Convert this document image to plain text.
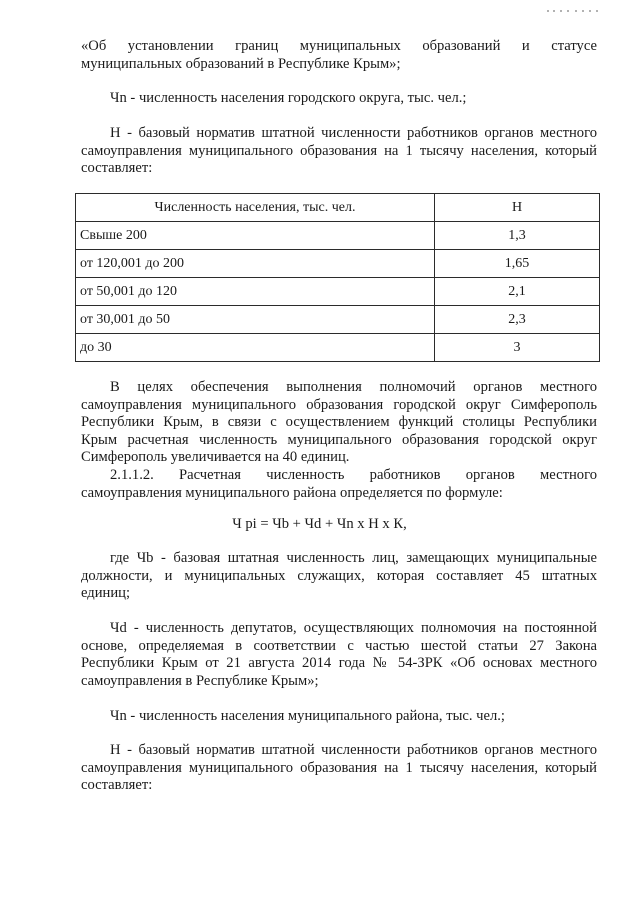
«Об установлении границ муниципальных образований и статусе
муниципальных образований в Республике Крым»;
Чn - численность населения городского округа, тыс. чел.;
Н - базовый норматив штатной численности работников органов местного
самоуправления муниципального образования на 1 тысячу населения, который
составляет:
Численность населения, тыс. чел.	Н
Свыше 200	1,3
от 120,001 до 200	1,65
от 50,001 до 120	2,1
от 30,001 до 50	2,3
до 30	3
В целях обеспечения выполнения полномочий органов местного
самоуправления муниципального образования городской округ Симферополь
Республики Крым, в связи с осуществлением функций столицы Республики
Крым расчетная численность муниципального образования городской округ
Симферополь увеличивается на 40 единиц.
2.1.1.2. Расчетная численность работников органов местного
самоуправления муниципального района определяется по формуле:
Ч рi = Чb + Чd + Чn х Н х К,
где Чb - базовая штатная численность лиц, замещающих муниципальные
должности, и муниципальных служащих, которая составляет 45 штатных
единиц;
Чd - численность депутатов, осуществляющих полномочия на постоянной
основе, определяемая в соответствии с частью шестой статьи 27 Закона
Республики Крым от 21 августа 2014 года № 54-ЗРК «Об основах местного
самоуправления в Республике Крым»;
Чn - численность населения муниципального района, тыс. чел.;
Н - базовый норматив штатной численности работников органов местного
самоуправления муниципального образования на 1 тысячу населения, который
составляет:
